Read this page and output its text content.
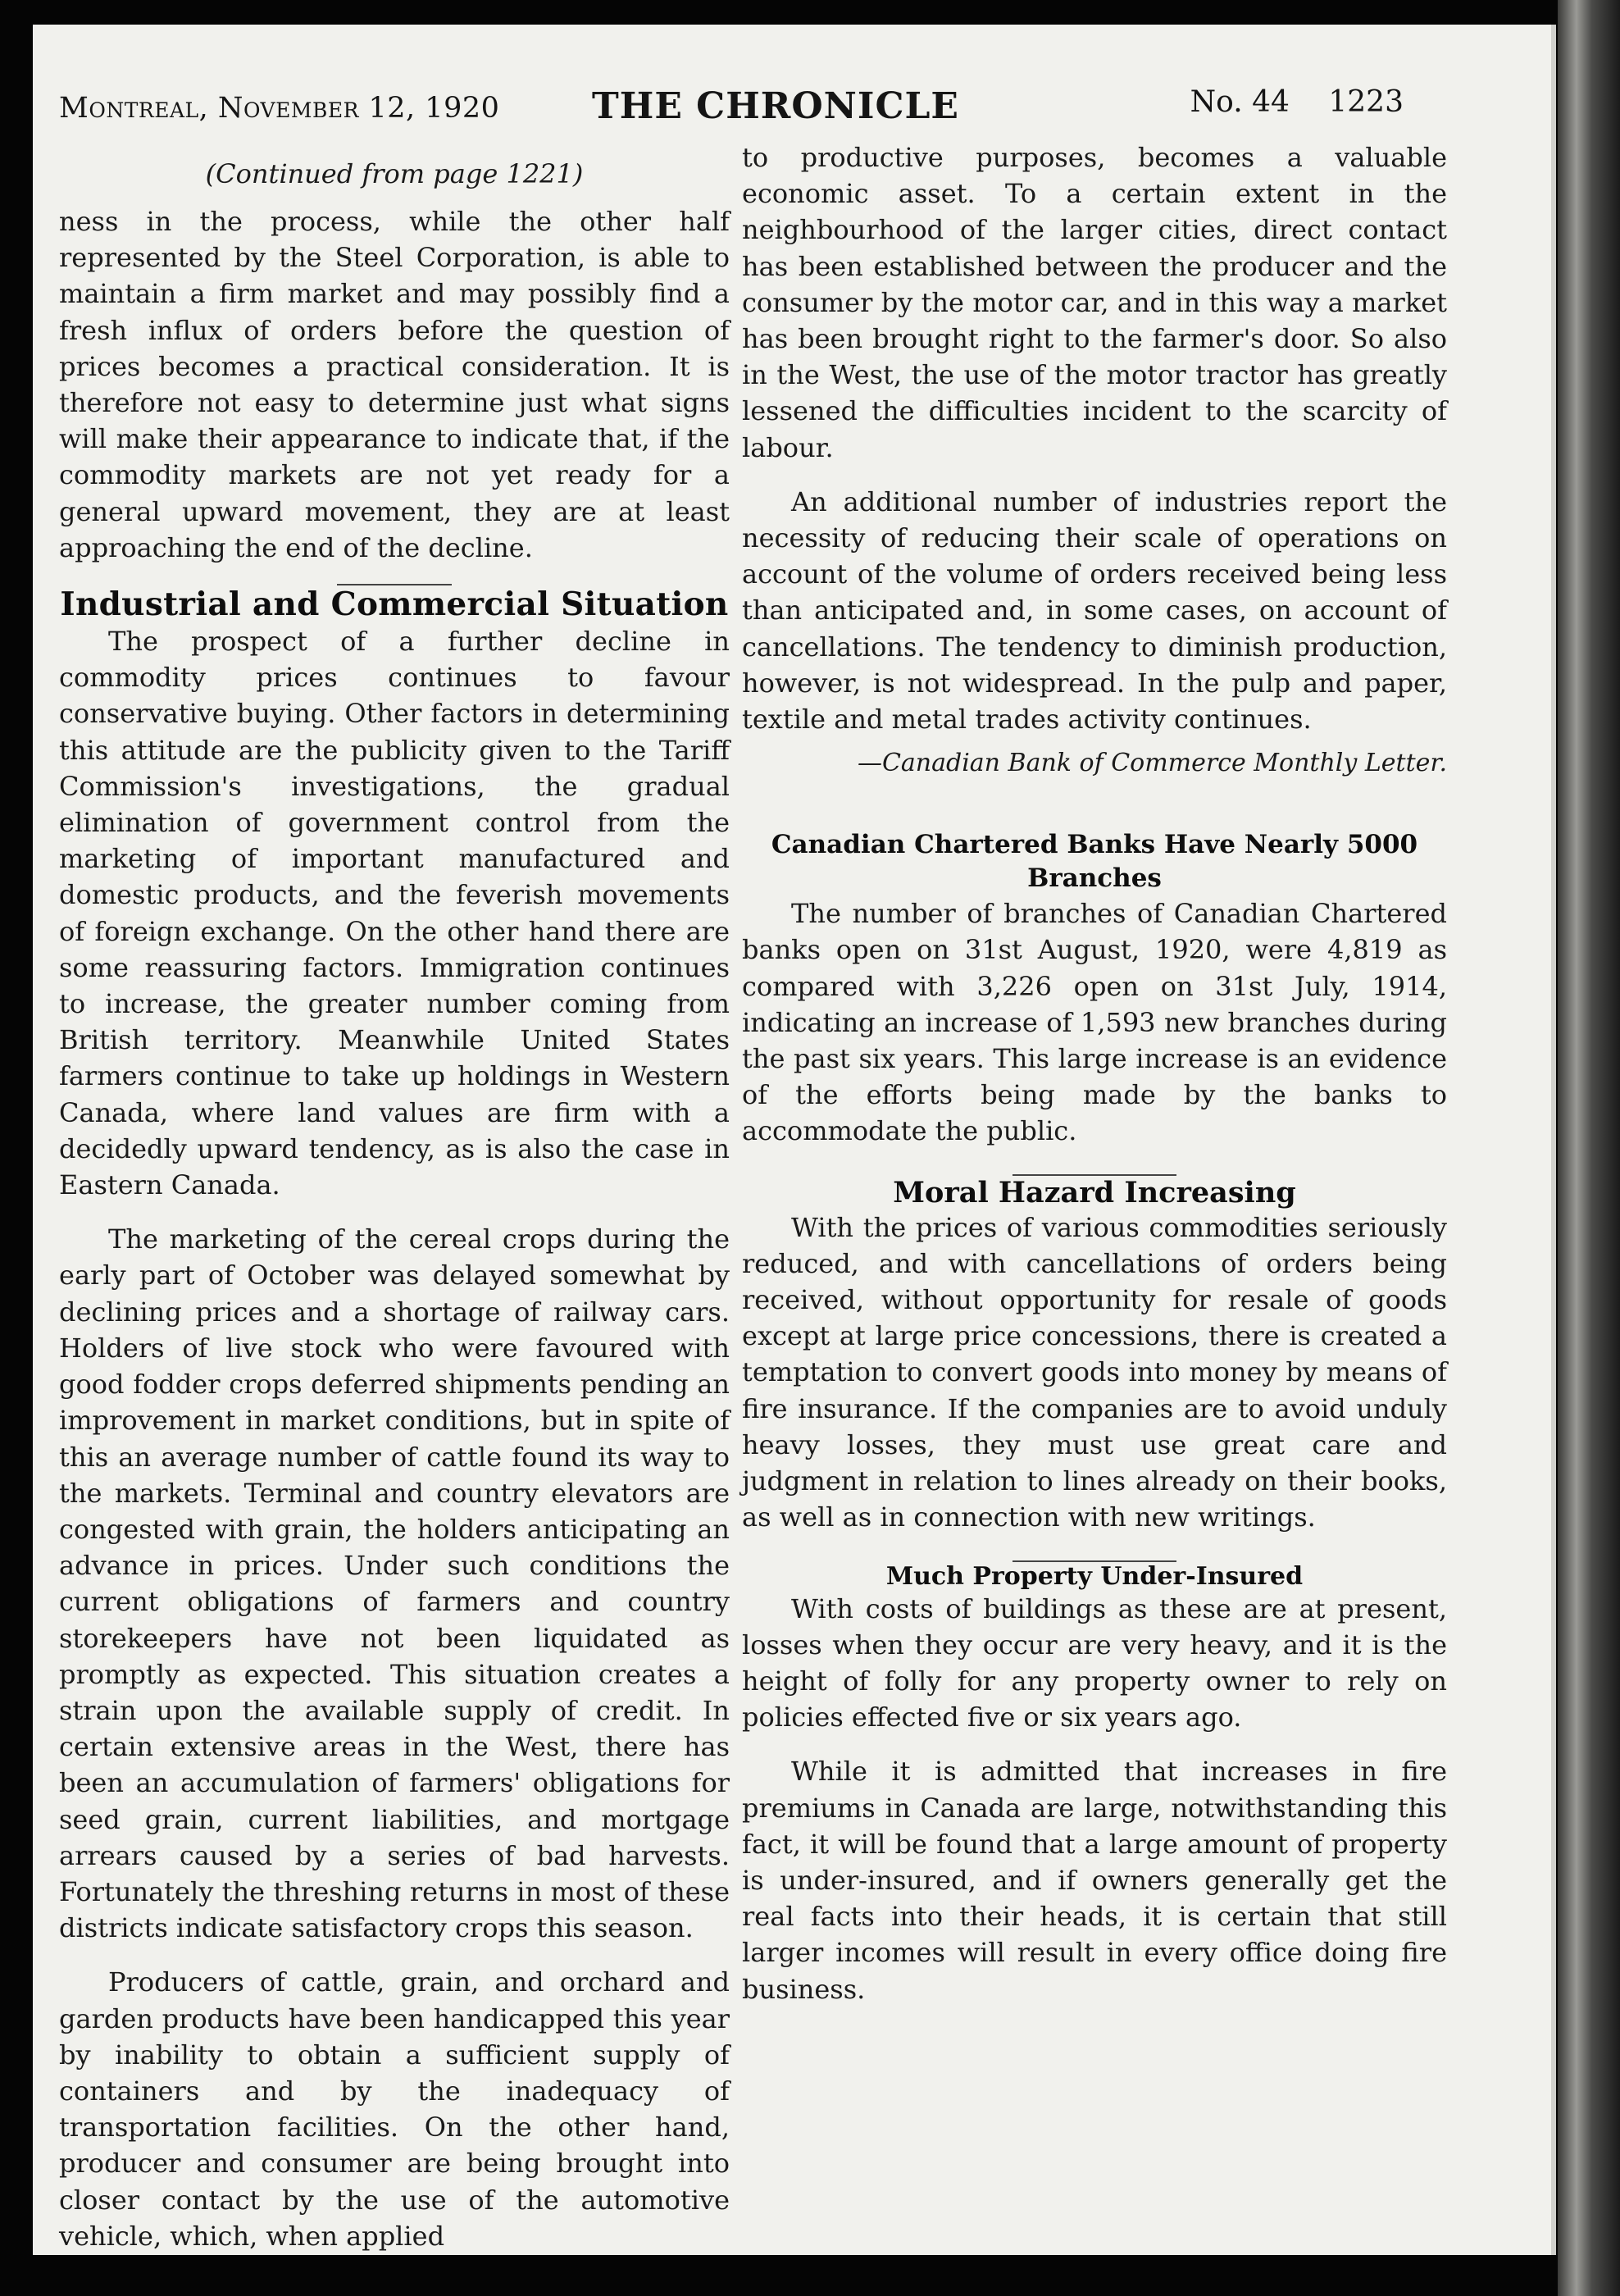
Montreal, November 12, 1920	THE CHRONICLE	No. 44 1223
(Continued from page 1221)

ness in the process, while the other half represented by the Steel Corporation, is able to maintain a firm market and may possibly find a fresh influx of orders before the question of prices becomes a practical consideration. It is therefore not easy to determine just what signs will make their appearance to indicate that, if the commodity markets are not yet ready for a general upward movement, they are at least approaching the end of the decline.

Industrial and Commercial Situation

The prospect of a further decline in commodity prices continues to favour conservative buying. Other factors in determining this attitude are the publicity given to the Tariff Commission's investigations, the gradual elimination of government control from the marketing of important manufactured and domestic products, and the feverish movements of foreign exchange. On the other hand there are some reassuring factors. Immigration continues to increase, the greater number coming from British territory. Meanwhile United States farmers continue to take up holdings in Western Canada, where land values are firm with a decidedly upward tendency, as is also the case in Eastern Canada.

The marketing of the cereal crops during the early part of October was delayed somewhat by declining prices and a shortage of railway cars. Holders of live stock who were favoured with good fodder crops deferred shipments pending an improvement in market conditions, but in spite of this an average number of cattle found its way to the markets. Terminal and country elevators are congested with grain, the holders anticipating an advance in prices. Under such conditions the current obligations of farmers and country storekeepers have not been liquidated as promptly as expected. This situation creates a strain upon the available supply of credit. In certain extensive areas in the West, there has been an accumulation of farmers' obligations for seed grain, current liabilities, and mortgage arrears caused by a series of bad harvests. Fortunately the threshing returns in most of these districts indicate satisfactory crops this season.

Producers of cattle, grain, and orchard and garden products have been handicapped this year by inability to obtain a sufficient supply of containers and by the inadequacy of transportation facilities. On the other hand, producer and consumer are being brought into closer contact by the use of the automotive vehicle, which, when applied

to productive purposes, becomes a valuable economic asset. To a certain extent in the neighbourhood of the larger cities, direct contact has been established between the producer and the consumer by the motor car, and in this way a market has been brought right to the farmer's door. So also in the West, the use of the motor tractor has greatly lessened the difficulties incident to the scarcity of labour.

An additional number of industries report the necessity of reducing their scale of operations on account of the volume of orders received being less than anticipated and, in some cases, on account of cancellations. The tendency to diminish production, however, is not widespread. In the pulp and paper, textile and metal trades activity continues.

—Canadian Bank of Commerce Monthly Letter.
Canadian Chartered Banks Have Nearly 5000 Branches

The number of branches of Canadian Chartered banks open on 31st August, 1920, were 4,819 as compared with 3,226 open on 31st July, 1914, indicating an increase of 1,593 new branches during the past six years. This large increase is an evidence of the efforts being made by the banks to accommodate the public.

Moral Hazard Increasing

With the prices of various commodities seriously reduced, and with cancellations of orders being received, without opportunity for resale of goods except at large price concessions, there is created a temptation to convert goods into money by means of fire insurance. If the companies are to avoid unduly heavy losses, they must use great care and judgment in relation to lines already on their books, as well as in connection with new writings.

Much Property Under-Insured

With costs of buildings as these are at present, losses when they occur are very heavy, and it is the height of folly for any property owner to rely on policies effected five or six years ago.

While it is admitted that increases in fire premiums in Canada are large, notwithstanding this fact, it will be found that a large amount of property is under-insured, and if owners generally get the real facts into their heads, it is certain that still larger incomes will result in every office doing fire business.
